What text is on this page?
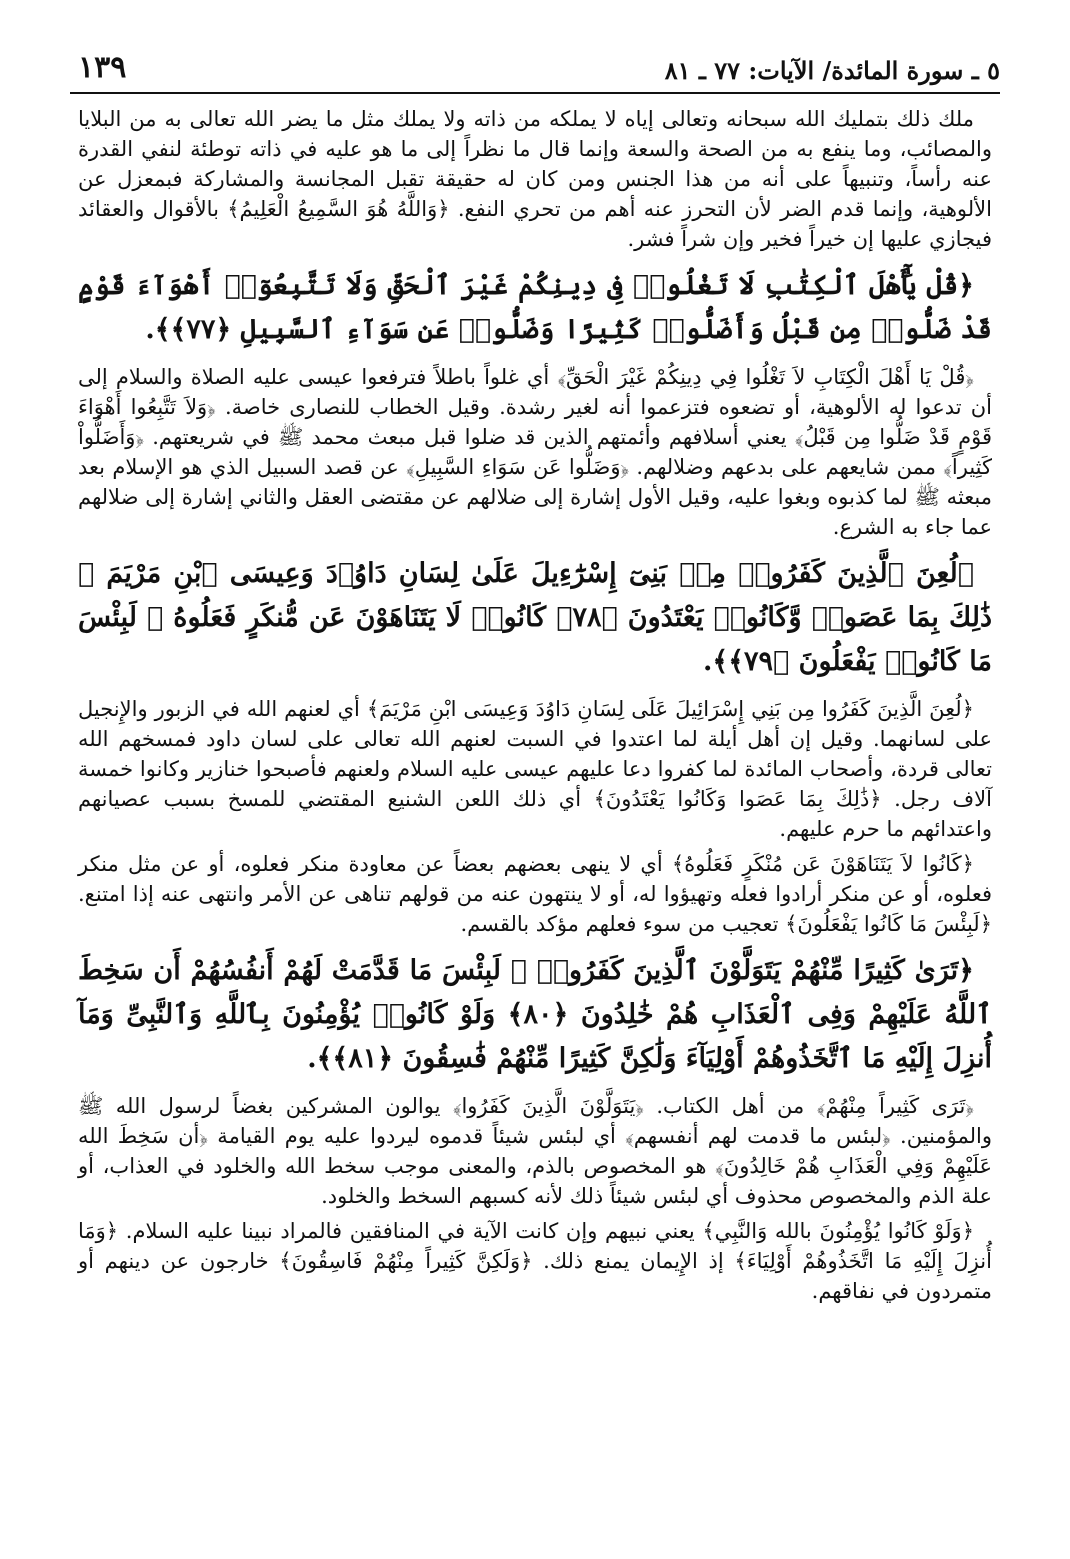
٥ ـ سورة المائدة/ الآيات: ٧٧ ـ ٨١
١٣٩

ملك ذلك بتمليك الله سبحانه وتعالى إياه لا يملكه من ذاته ولا يملك مثل ما يضر الله تعالى به من البلايا والمصائب، وما ينفع به من الصحة والسعة وإنما قال ما نظراً إلى ما هو عليه في ذاته توطئة لنفي القدرة عنه رأساً، وتنبيهاً على أنه من هذا الجنس ومن كان له حقيقة تقبل المجانسة والمشاركة فبمعزل عن الألوهية، وإنما قدم الضر لأن التحرز عنه أهم من تحري النفع. ﴿وَاللَّهُ هُوَ السَّمِيعُ الْعَلِيمُ﴾ بالأقوال والعقائد فيجازي عليها إن خيراً فخير وإن شراً فشر.

﴿قُلْ يَٰٓأَهْلَ ٱلْكِتَٰبِ لَا تَغْلُوا۟ فِى دِينِكُمْ غَيْرَ ٱلْحَقِّ وَلَا تَتَّبِعُوٓا۟ أَهْوَآءَ قَوْمٍ قَدْ ضَلُّوا۟ مِن قَبْلُ وَأَضَلُّوا۟ كَثِيرًا وَضَلُّوا۟ عَن سَوَآءِ ٱلسَّبِيلِ ﴿٧٧﴾﴾.

﴿قُلْ يَا أَهْلَ الْكِتَابِ لاَ تَغْلُوا فِي دِينِكُمْ غَيْرَ الْحَقِّ﴾ أي غلواً باطلاً فترفعوا عيسى عليه الصلاة والسلام إلى أن تدعوا له الألوهية، أو تضعوه فتزعموا أنه لغير رشدة. وقيل الخطاب للنصارى خاصة. ﴿وَلاَ تَتَّبِعُوا أَهْوَاءَ قَوْمٍ قَدْ ضَلُّوا مِن قَبْلُ﴾ يعني أسلافهم وأئمتهم الذين قد ضلوا قبل مبعث محمد ﷺ في شريعتهم. ﴿وَأَضَلُّواْ كَثِيراً﴾ ممن شايعهم على بدعهم وضلالهم. ﴿وَضَلُّوا عَن سَوَاءِ السَّبِيلِ﴾ عن قصد السبيل الذي هو الإسلام بعد مبعثه ﷺ لما كذبوه وبغوا عليه، وقيل الأول إشارة إلى ضلالهم عن مقتضى العقل والثاني إشارة إلى ضلالهم عما جاء به الشرع.

﴿لُعِنَ ٱلَّذِينَ كَفَرُوا۟ مِنۢ بَنِىٓ إِسْرَٰٓءِيلَ عَلَىٰ لِسَانِ دَاوُۥدَ وَعِيسَى ٱبْنِ مَرْيَمَ ۚ ذَٰلِكَ بِمَا عَصَوا۟ وَّكَانُوا۟ يَعْتَدُونَ ﴿٧٨﴾ كَانُوا۟ لَا يَتَنَاهَوْنَ عَن مُّنكَرٍ فَعَلُوهُ ۚ لَبِئْسَ مَا كَانُوا۟ يَفْعَلُونَ ﴿٧٩﴾﴾.

﴿لُعِنَ الَّذِينَ كَفَرُوا مِن بَنِي إِسْرَائِيلَ عَلَى لِسَانِ دَاوُدَ وَعِيسَى ابْنِ مَرْيَمَ﴾ أي لعنهم الله في الزبور والإِنجيل على لسانهما. وقيل إن أهل أيلة لما اعتدوا في السبت لعنهم الله تعالى على لسان داود فمسخهم الله تعالى قردة، وأصحاب المائدة لما كفروا دعا عليهم عيسى عليه السلام ولعنهم فأصبحوا خنازير وكانوا خمسة آلاف رجل. ﴿ذَٰلِكَ بِمَا عَصَوا وَكَانُوا يَعْتَدُونَ﴾ أي ذلك اللعن الشنيع المقتضي للمسخ بسبب عصيانهم واعتدائهم ما حرم عليهم.

﴿كَانُوا لاَ يَتَنَاهَوْنَ عَن مُنْكَرٍ فَعَلُوهُ﴾ أي لا ينهى بعضهم بعضاً عن معاودة منكر فعلوه، أو عن مثل منكر فعلوه، أو عن منكر أرادوا فعله وتهيؤوا له، أو لا ينتهون عنه من قولهم تناهى عن الأمر وانتهى عنه إذا امتنع. ﴿لَبِئْسَ مَا كَانُوا يَفْعَلُونَ﴾ تعجيب من سوء فعلهم مؤكد بالقسم.

﴿تَرَىٰ كَثِيرًا مِّنْهُمْ يَتَوَلَّوْنَ ٱلَّذِينَ كَفَرُوا۟ ۚ لَبِئْسَ مَا قَدَّمَتْ لَهُمْ أَنفُسُهُمْ أَن سَخِطَ ٱللَّهُ عَلَيْهِمْ وَفِى ٱلْعَذَابِ هُمْ خَٰلِدُونَ ﴿٨٠﴾ وَلَوْ كَانُوا۟ يُؤْمِنُونَ بِٱللَّهِ وَٱلنَّبِىِّ وَمَآ أُنزِلَ إِلَيْهِ مَا ٱتَّخَذُوهُمْ أَوْلِيَآءَ وَلَٰكِنَّ كَثِيرًا مِّنْهُمْ فَٰسِقُونَ ﴿٨١﴾﴾.

﴿تَرَى كَثِيراً مِنْهُمْ﴾ من أهل الكتاب. ﴿يَتَوَلَّوْنَ الَّذِينَ كَفَرُوا﴾ يوالون المشركين بغضاً لرسول الله ﷺ والمؤمنين. ﴿لبئس ما قدمت لهم أنفسهم﴾ أي لبئس شيئاً قدموه ليردوا عليه يوم القيامة ﴿أن سَخِطَ الله عَلَيْهِمْ وَفِي الْعَذَابِ هُمْ خَالِدُونَ﴾ هو المخصوص بالذم، والمعنى موجب سخط الله والخلود في العذاب، أو علة الذم والمخصوص محذوف أي لبئس شيئاً ذلك لأنه كسبهم السخط والخلود.

﴿وَلَوْ كَانُوا يُؤْمِنُونَ بالله وَالنَّبِي﴾ يعني نبيهم وإن كانت الآية في المنافقين فالمراد نبينا عليه السلام. ﴿وَمَا أُنزِلَ إِلَيْهِ مَا اتَّخَذُوهُمْ أَوْلِيَاءَ﴾ إذ الإِيمان يمنع ذلك. ﴿وَلَكِنَّ كَثِيراً مِنْهُمْ فَاسِقُونَ﴾ خارجون عن دينهم أو متمردون في نفاقهم.
